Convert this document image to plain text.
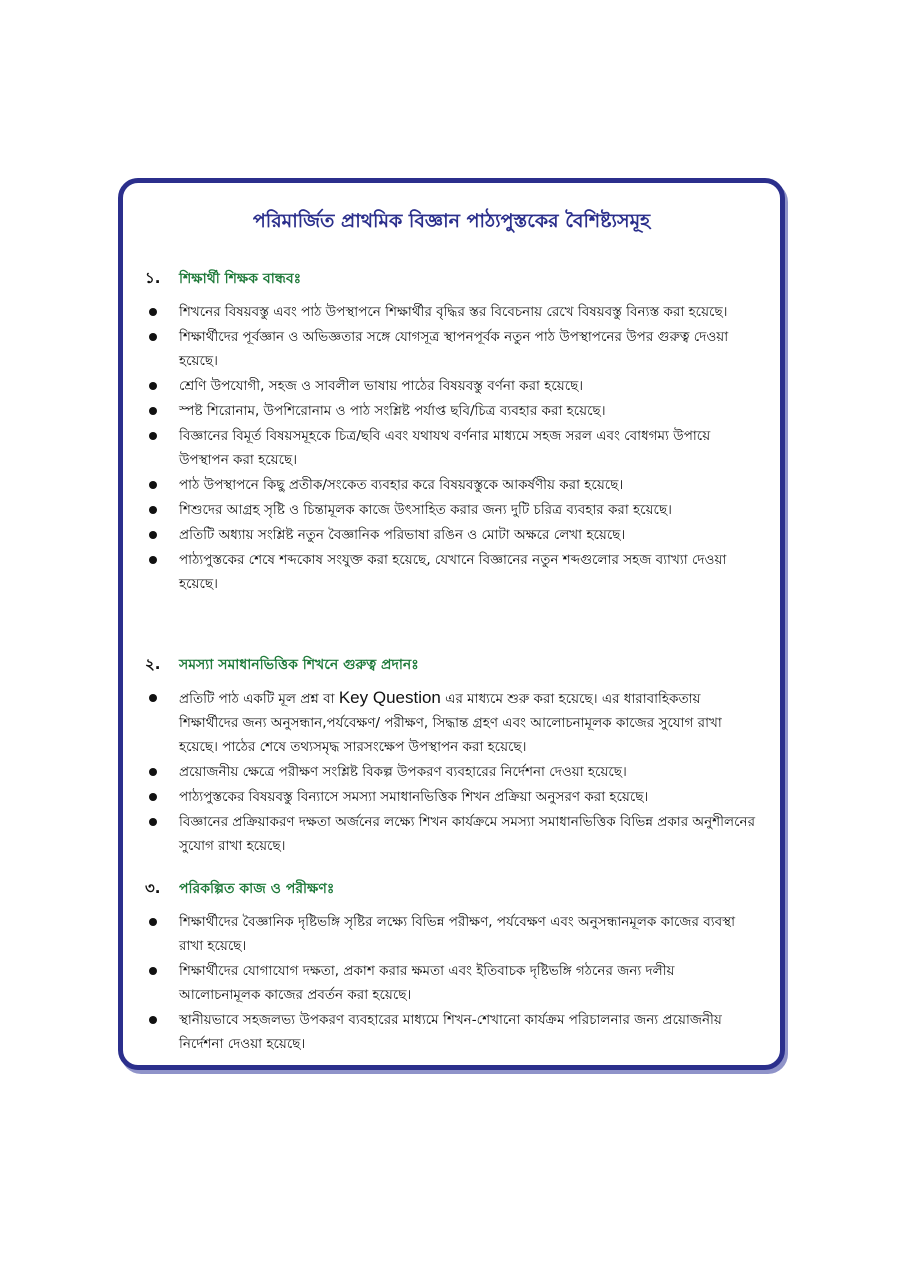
পরিমার্জিত প্রাথমিক বিজ্ঞান পাঠ্যপুস্তকের বৈশিষ্ট্যসমূহ
১.	শিক্ষার্থী শিক্ষক বান্ধবঃ
শিখনের বিষয়বস্তু এবং পাঠ উপস্থাপনে শিক্ষার্থীর বৃদ্ধির স্তর বিবেচনায় রেখে বিষয়বস্তু বিন্যস্ত করা হয়েছে।
শিক্ষার্থীদের পূর্বজ্ঞান ও অভিজ্ঞতার সঙ্গে যোগসূত্র স্থাপনপূর্বক নতুন পাঠ উপস্থাপনের উপর গুরুত্ব দেওয়া হয়েছে।
শ্রেণি উপযোগী, সহজ ও সাবলীল ভাষায় পাঠের বিষয়বস্তু বর্ণনা করা হয়েছে।
স্পষ্ট শিরোনাম, উপশিরোনাম ও পাঠ সংশ্লিষ্ট পর্যাপ্ত ছবি/চিত্র ব্যবহার করা হয়েছে।
বিজ্ঞানের বিমূর্ত বিষয়সমূহকে চিত্র/ছবি এবং যথাযথ বর্ণনার মাধ্যমে সহজ সরল এবং বোধগম্য উপায়ে উপস্থাপন করা হয়েছে।
পাঠ উপস্থাপনে কিছু প্রতীক/সংকেত ব্যবহার করে বিষয়বস্তুকে আকর্ষণীয় করা হয়েছে।
শিশুদের আগ্রহ সৃষ্টি ও চিন্তামূলক কাজে উৎসাহিত করার জন্য দুটি চরিত্র ব্যবহার করা হয়েছে।
প্রতিটি অধ্যায় সংশ্লিষ্ট নতুন বৈজ্ঞানিক পরিভাষা রঙিন ও মোটা অক্ষরে লেখা হয়েছে।
পাঠ্যপুস্তকের শেষে শব্দকোষ সংযুক্ত করা হয়েছে, যেখানে বিজ্ঞানের নতুন শব্দগুলোর সহজ ব্যাখ্যা দেওয়া হয়েছে।
২.	সমস্যা সমাধানভিত্তিক শিখনে গুরুত্ব প্রদানঃ
প্রতিটি পাঠ একটি মূল প্রশ্ন বা Key Question এর মাধ্যমে শুরু করা হয়েছে। এর ধারাবাহিকতায় শিক্ষার্থীদের জন্য অনুসন্ধান,পর্যবেক্ষণ/ পরীক্ষণ, সিদ্ধান্ত গ্রহণ এবং আলোচনামূলক কাজের সুযোগ রাখা হয়েছে। পাঠের শেষে তথ্যসমৃদ্ধ সারসংক্ষেপ উপস্থাপন করা হয়েছে।
প্রয়োজনীয় ক্ষেত্রে পরীক্ষণ সংশ্লিষ্ট বিকল্প উপকরণ ব্যবহারের নির্দেশনা দেওয়া হয়েছে।
পাঠ্যপুস্তকের বিষয়বস্তু বিন্যাসে সমস্যা সমাধানভিত্তিক শিখন প্রক্রিয়া অনুসরণ করা হয়েছে।
বিজ্ঞানের প্রক্রিয়াকরণ দক্ষতা অর্জনের লক্ষ্যে শিখন কার্যক্রমে সমস্যা সমাধানভিত্তিক বিভিন্ন প্রকার অনুশীলনের সুযোগ রাখা হয়েছে।
৩.	পরিকল্পিত কাজ ও পরীক্ষণঃ
শিক্ষার্থীদের বৈজ্ঞানিক দৃষ্টিভঙ্গি সৃষ্টির লক্ষ্যে বিভিন্ন পরীক্ষণ, পর্যবেক্ষণ এবং অনুসন্ধানমূলক কাজের ব্যবস্থা রাখা হয়েছে।
শিক্ষার্থীদের যোগাযোগ দক্ষতা, প্রকাশ করার ক্ষমতা এবং ইতিবাচক দৃষ্টিভঙ্গি গঠনের জন্য দলীয় আলোচনামূলক কাজের প্রবর্তন করা হয়েছে।
স্থানীয়ভাবে সহজলভ্য উপকরণ ব্যবহারের মাধ্যমে শিখন-শেখানো কার্যক্রম পরিচালনার জন্য প্রয়োজনীয় নির্দেশনা দেওয়া হয়েছে।
